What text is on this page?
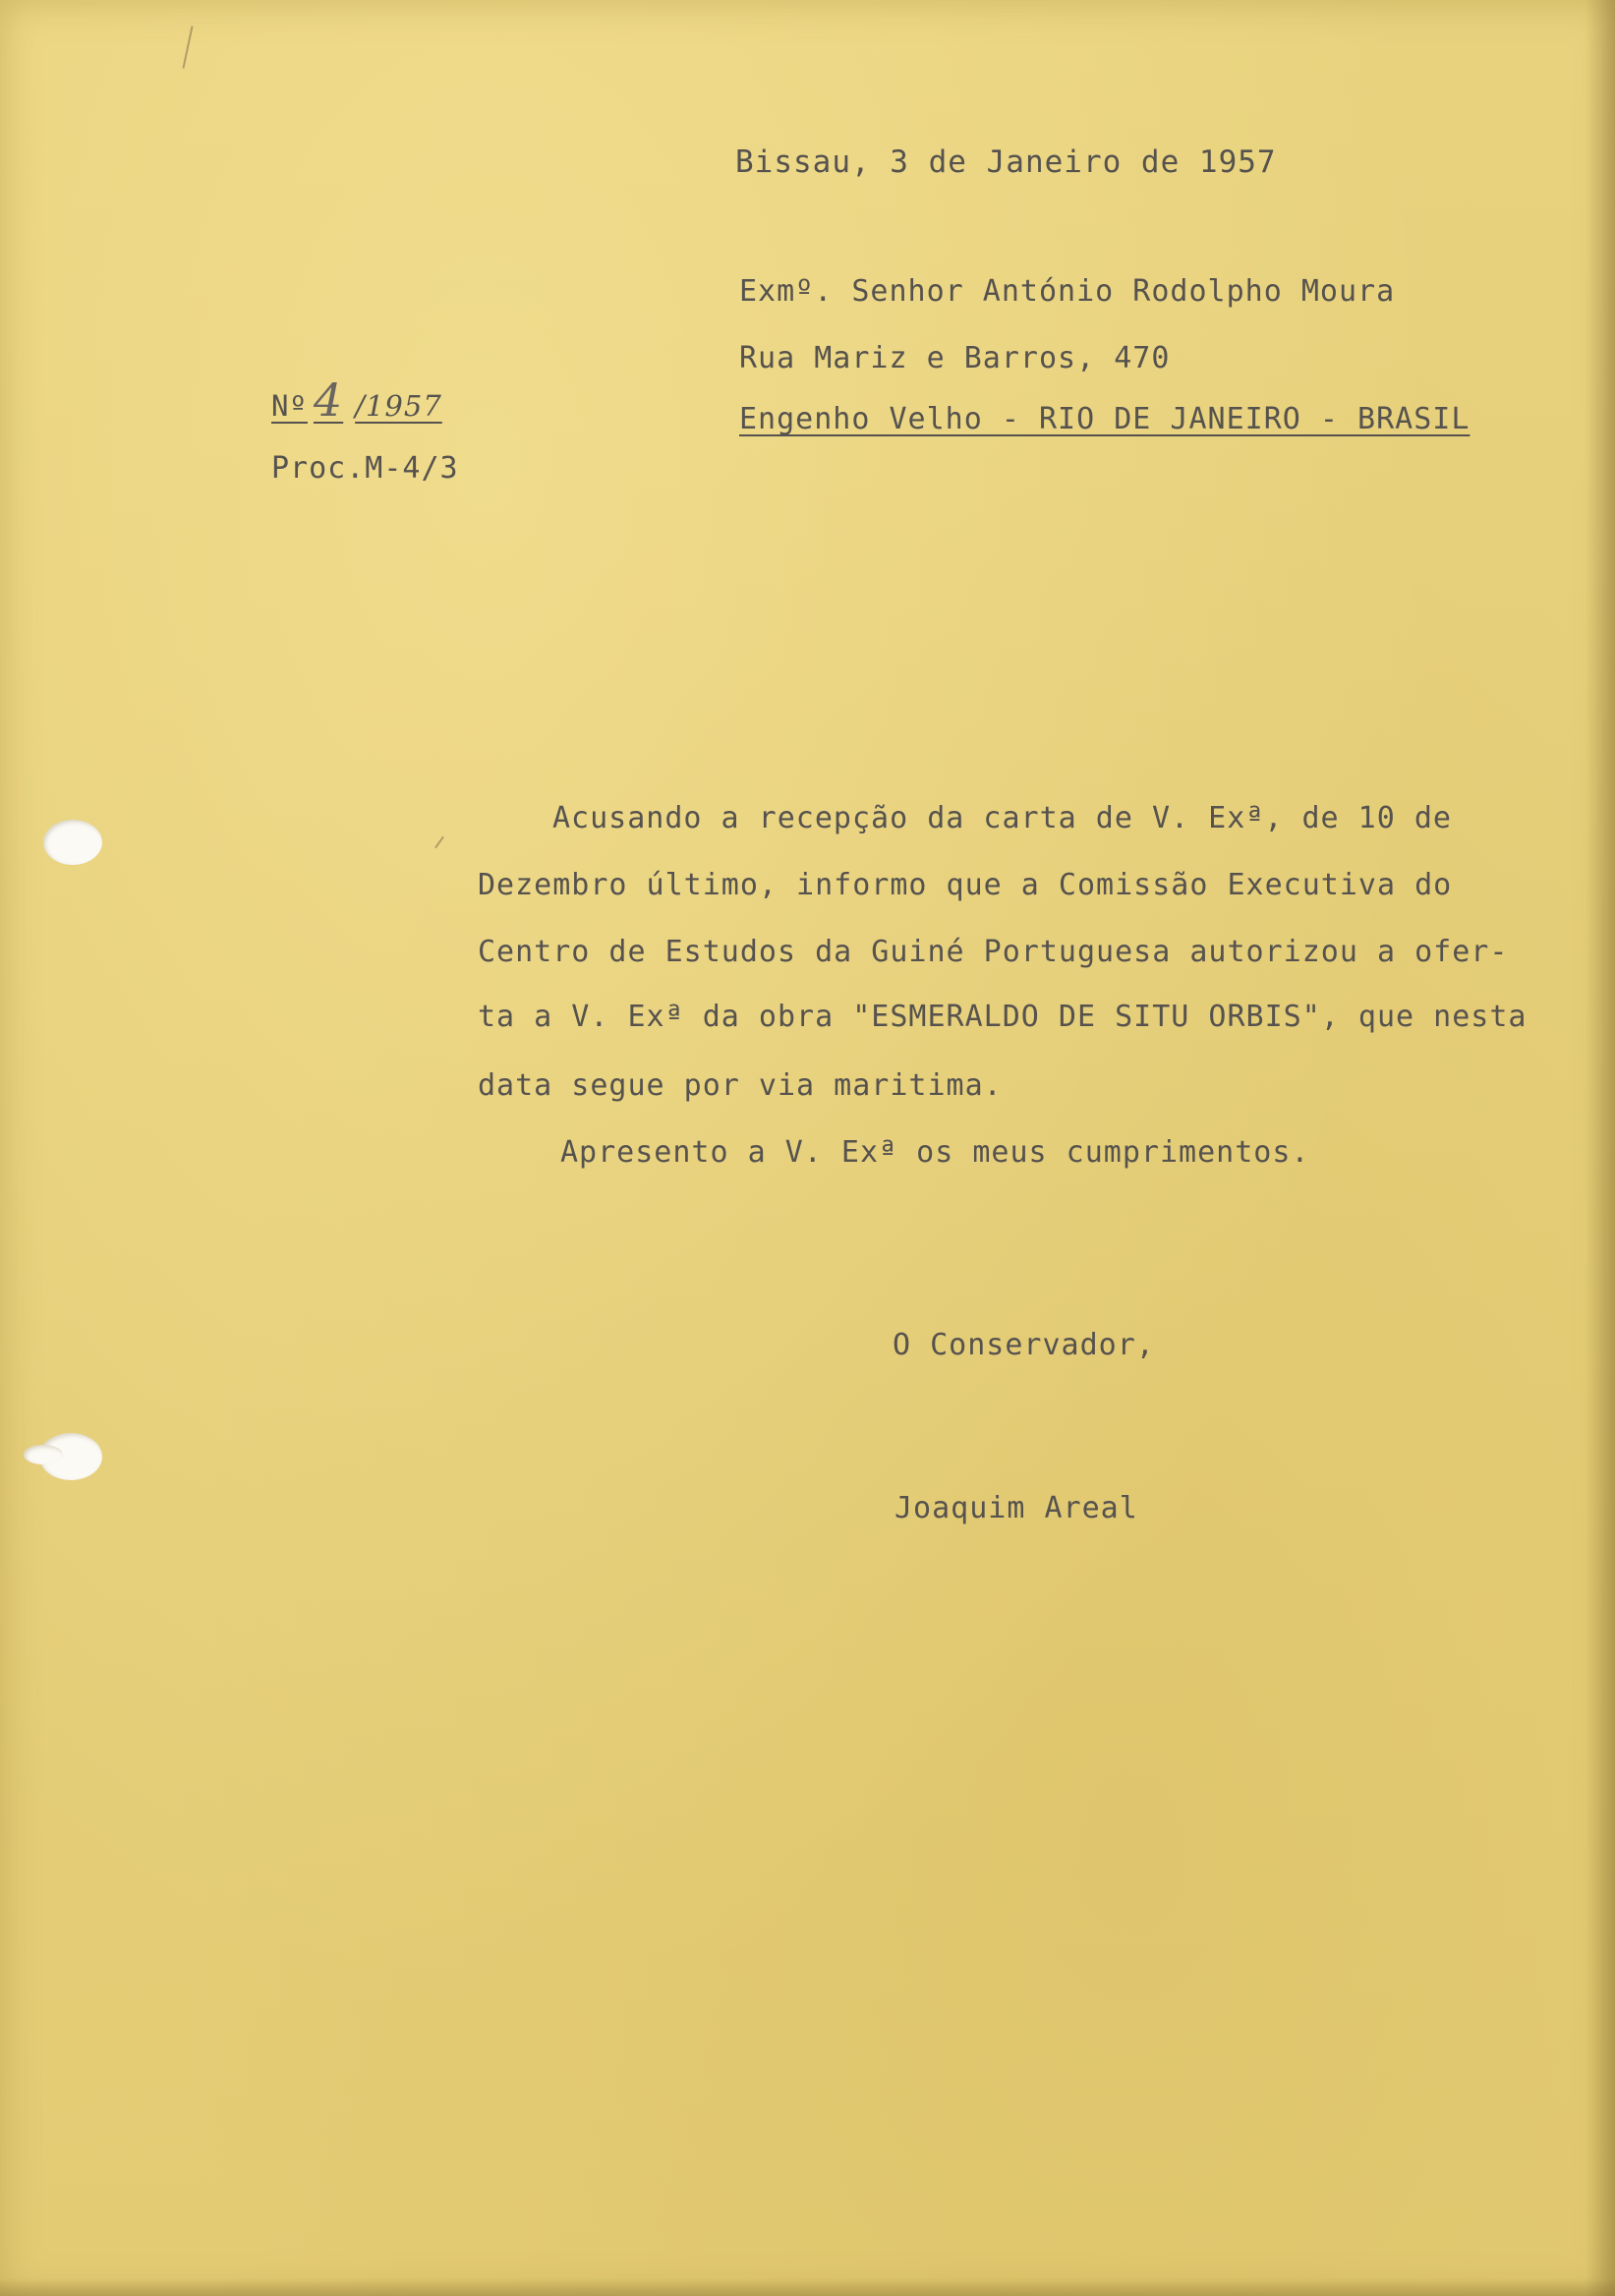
Bissau, 3 de Janeiro de 1957
Exmº. Senhor António Rodolpho Moura
Rua Mariz e Barros, 470
Engenho Velho - RIO DE JANEIRO - BRASIL
Nº 4 /1957
Proc.M-4/3
Acusando a recepção da carta de V. Exª, de 10 de
Dezembro último, informo que a Comissão Executiva do
Centro de Estudos da Guiné Portuguesa autorizou a ofer-
ta a V. Exª da obra "ESMERALDO DE SITU ORBIS", que nesta
data segue por via maritima.
Apresento a V. Exª os meus cumprimentos.
O Conservador,
Joaquim Areal
